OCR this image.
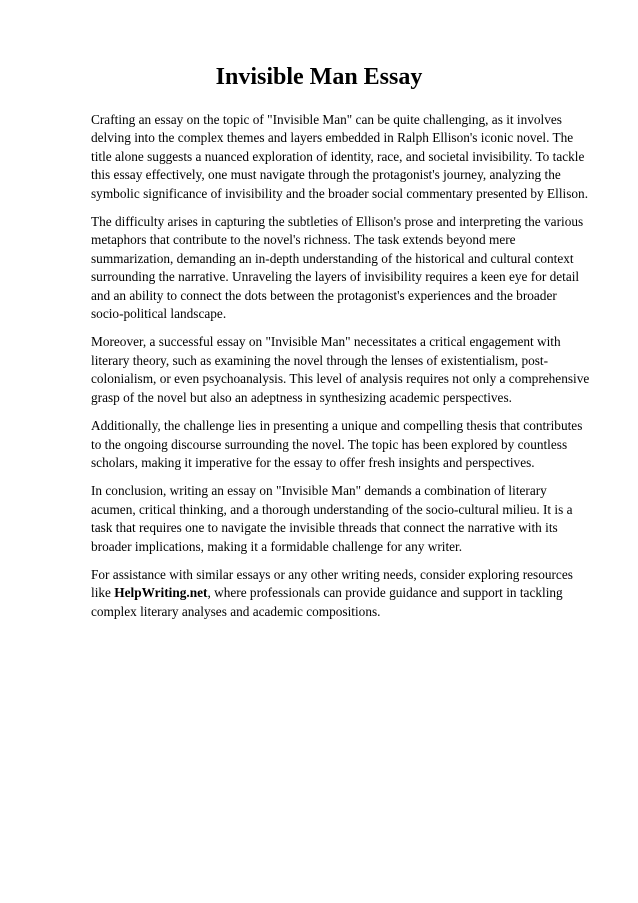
Invisible Man Essay

Crafting an essay on the topic of "Invisible Man" can be quite challenging, as it involves delving into the complex themes and layers embedded in Ralph Ellison's iconic novel. The title alone suggests a nuanced exploration of identity, race, and societal invisibility. To tackle this essay effectively, one must navigate through the protagonist's journey, analyzing the symbolic significance of invisibility and the broader social commentary presented by Ellison.

The difficulty arises in capturing the subtleties of Ellison's prose and interpreting the various metaphors that contribute to the novel's richness. The task extends beyond mere summarization, demanding an in-depth understanding of the historical and cultural context surrounding the narrative. Unraveling the layers of invisibility requires a keen eye for detail and an ability to connect the dots between the protagonist's experiences and the broader socio-political landscape.

Moreover, a successful essay on "Invisible Man" necessitates a critical engagement with literary theory, such as examining the novel through the lenses of existentialism, post-colonialism, or even psychoanalysis. This level of analysis requires not only a comprehensive grasp of the novel but also an adeptness in synthesizing academic perspectives.

Additionally, the challenge lies in presenting a unique and compelling thesis that contributes to the ongoing discourse surrounding the novel. The topic has been explored by countless scholars, making it imperative for the essay to offer fresh insights and perspectives.

In conclusion, writing an essay on "Invisible Man" demands a combination of literary acumen, critical thinking, and a thorough understanding of the socio-cultural milieu. It is a task that requires one to navigate the invisible threads that connect the narrative with its broader implications, making it a formidable challenge for any writer.

For assistance with similar essays or any other writing needs, consider exploring resources like HelpWriting.net, where professionals can provide guidance and support in tackling complex literary analyses and academic compositions.
